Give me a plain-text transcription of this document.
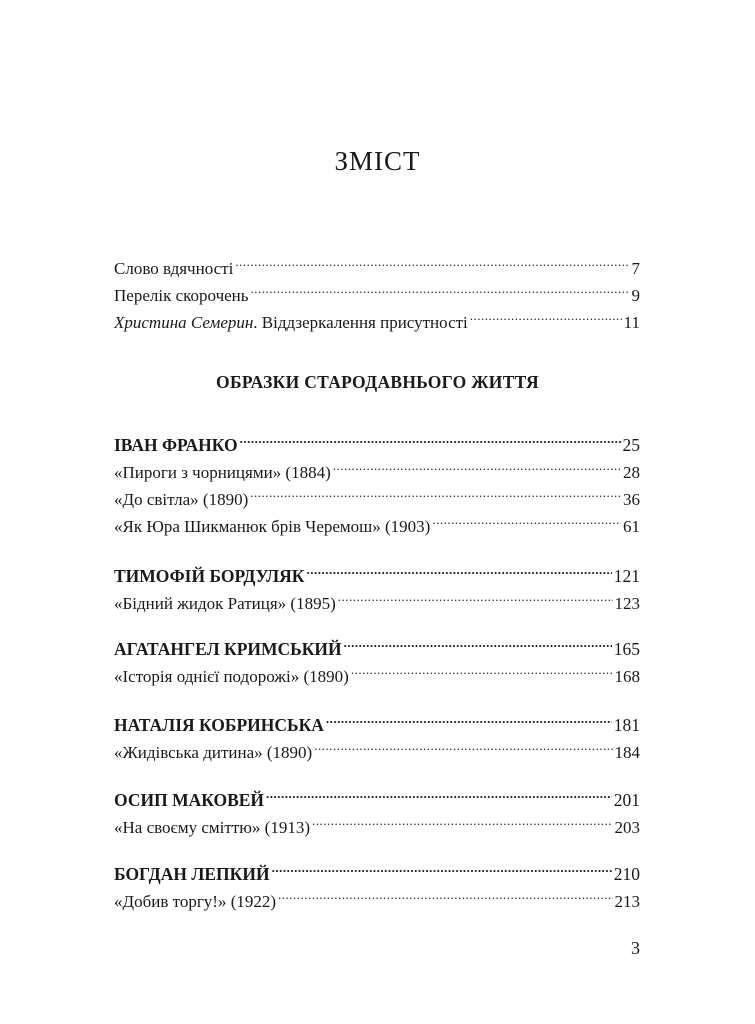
ЗМІСТ
Слово вдячності .....	7
Перелік скорочень .....	9
Христина Семерин. Віддзеркалення присутності .....	11
ОБРАЗКИ СТАРОДАВНЬОГО ЖИТТЯ
ІВАН ФРАНКО .....	25
«Пироги з чорницями» (1884) .....	28
«До світла» (1890) .....	36
«Як Юра Шикманюк брів Черемош» (1903) .....	61
ТИМОФІЙ БОРДУЛЯК .....	121
«Бідний жидок Ратиця» (1895) .....	123
АГАТАНГЕЛ КРИМСЬКИЙ .....	165
«Історія однієї подорожі» (1890) .....	168
НАТАЛІЯ КОБРИНСЬКА .....	181
«Жидівська дитина» (1890) .....	184
ОСИП МАКОВЕЙ .....	201
«На своєму сміттю» (1913) .....	203
БОГДАН ЛЕПКИЙ .....	210
«Добив торгу!» (1922) .....	213
3
